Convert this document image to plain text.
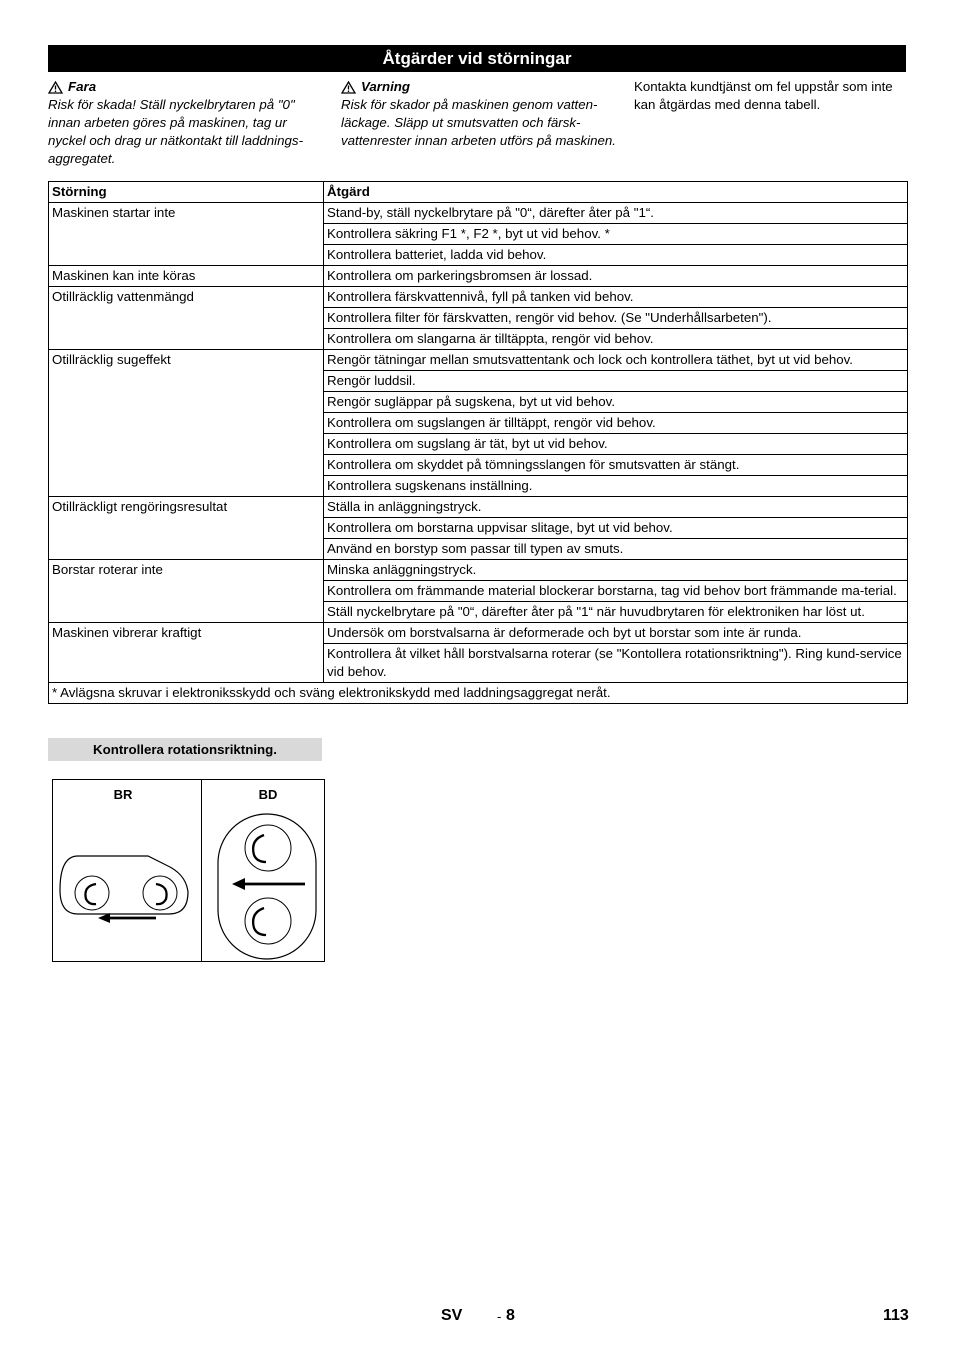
Åtgärder vid störningar
Fara
Risk för skada! Ställ nyckelbrytaren på "0" innan arbeten göres på maskinen, tag ur nyckel och drag ur nätkontakt till laddnings-aggregatet.
Varning
Risk för skador på maskinen genom vatten-läckage. Släpp ut smutsvatten och färsk-vattenrester innan arbeten utförs på maskinen.
Kontakta kundtjänst om fel uppstår som inte kan åtgärdas med denna tabell.
Störning	Åtgärd
Maskinen startar inte	Stand-by, ställ nyckelbrytare på "0“, därefter åter på "1“.
	Kontrollera säkring F1 *, F2 *, byt ut vid behov. *
	Kontrollera batteriet, ladda vid behov.
Maskinen kan inte köras	Kontrollera om parkeringsbromsen är lossad.
Otillräcklig vattenmängd	Kontrollera färskvattennivå, fyll på tanken vid behov.
	Kontrollera filter för färskvatten, rengör vid behov. (Se "Underhållsarbeten").
	Kontrollera om slangarna är tilltäppta, rengör vid behov.
Otillräcklig sugeffekt	Rengör tätningar mellan smutsvattentank och lock och kontrollera täthet, byt ut vid behov.
	Rengör luddsil.
	Rengör sugläppar på sugskena, byt ut vid behov.
	Kontrollera om sugslangen är tilltäppt, rengör vid behov.
	Kontrollera om sugslang är tät, byt ut vid behov.
	Kontrollera om skyddet på tömningsslangen för smutsvatten är stängt.
	Kontrollera sugskenans inställning.
Otillräckligt rengöringsresultat	Ställa in anläggningstryck.
	Kontrollera om borstarna uppvisar slitage, byt ut vid behov.
	Använd en borstyp som passar till typen av smuts.
Borstar roterar inte	Minska anläggningstryck.
	Kontrollera om främmande material blockerar borstarna, tag vid behov bort främmande ma-terial.
	Ställ nyckelbrytare på "0“, därefter åter på "1“ när huvudbrytaren för elektroniken har löst ut.
Maskinen vibrerar kraftigt	Undersök om borstvalsarna är deformerade och byt ut borstar som inte är runda.
	Kontrollera åt vilket håll borstvalsarna roterar (se "Kontollera rotationsriktning"). Ring kund-service vid behov.
* Avlägsna skruvar i elektroniksskydd och sväng elektronikskydd med laddningsaggregat neråt.	
Kontrollera rotationsriktning.
BR	BD
SV	- 8	113
